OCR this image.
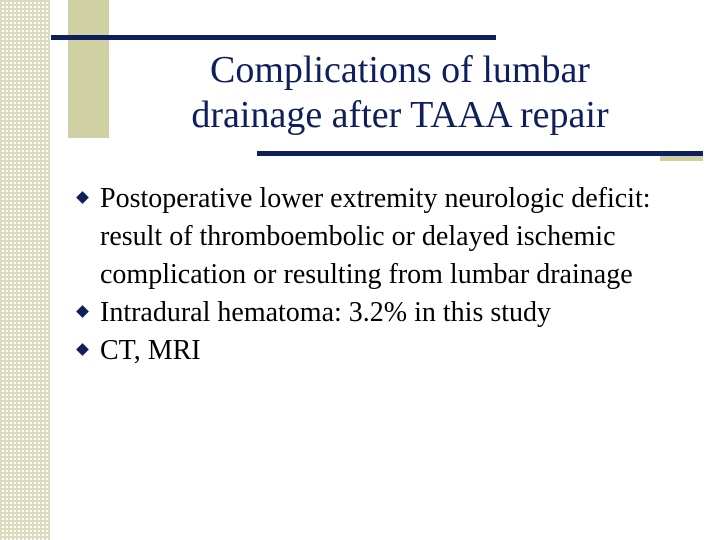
Complications of lumbar
drainage after TAAA repair
Postoperative lower extremity neurologic deficit: result of thromboembolic or delayed ischemic complication or resulting from lumbar drainage
Intradural hematoma: 3.2% in this study
CT, MRI
